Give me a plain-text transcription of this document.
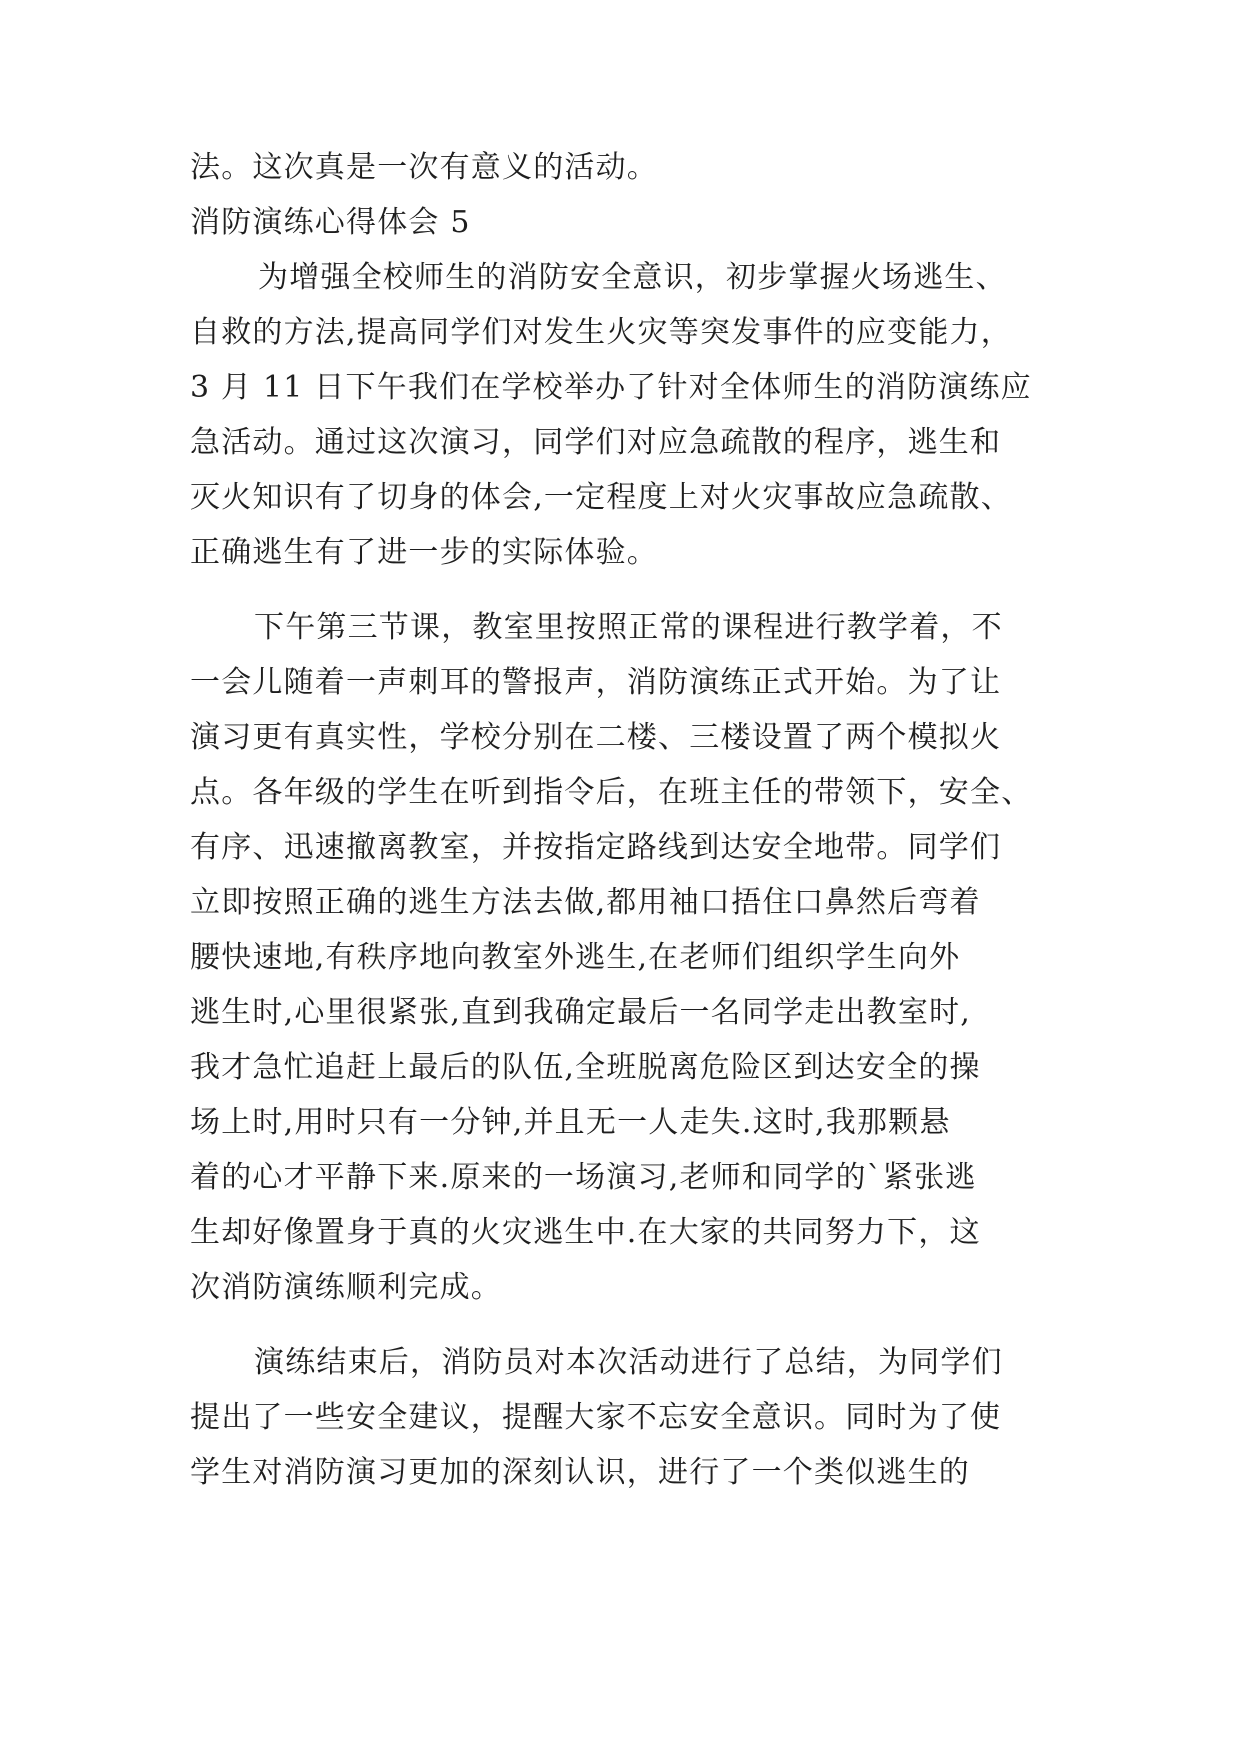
法。这次真是一次有意义的活动。
消防演练心得体会 5
为增强全校师生的消防安全意识，初步掌握火场逃生、
自救的方法,提高同学们对发生火灾等突发事件的应变能力，
3 月 11 日下午我们在学校举办了针对全体师生的消防演练应
急活动。通过这次演习，同学们对应急疏散的程序，逃生和
灭火知识有了切身的体会,一定程度上对火灾事故应急疏散、
正确逃生有了进一步的实际体验。
下午第三节课，教室里按照正常的课程进行教学着，不
一会儿随着一声刺耳的警报声，消防演练正式开始。为了让
演习更有真实性，学校分别在二楼、三楼设置了两个模拟火
点。各年级的学生在听到指令后，在班主任的带领下，安全、
有序、迅速撤离教室，并按指定路线到达安全地带。同学们
立即按照正确的逃生方法去做,都用袖口捂住口鼻然后弯着
腰快速地,有秩序地向教室外逃生,在老师们组织学生向外
逃生时,心里很紧张,直到我确定最后一名同学走出教室时,
我才急忙追赶上最后的队伍,全班脱离危险区到达安全的操
场上时,用时只有一分钟,并且无一人走失.这时,我那颗悬
着的心才平静下来.原来的一场演习,老师和同学的`紧张逃
生却好像置身于真的火灾逃生中.在大家的共同努力下，这
次消防演练顺利完成。
演练结束后，消防员对本次活动进行了总结，为同学们
提出了一些安全建议，提醒大家不忘安全意识。同时为了使
学生对消防演习更加的深刻认识，进行了一个类似逃生的
